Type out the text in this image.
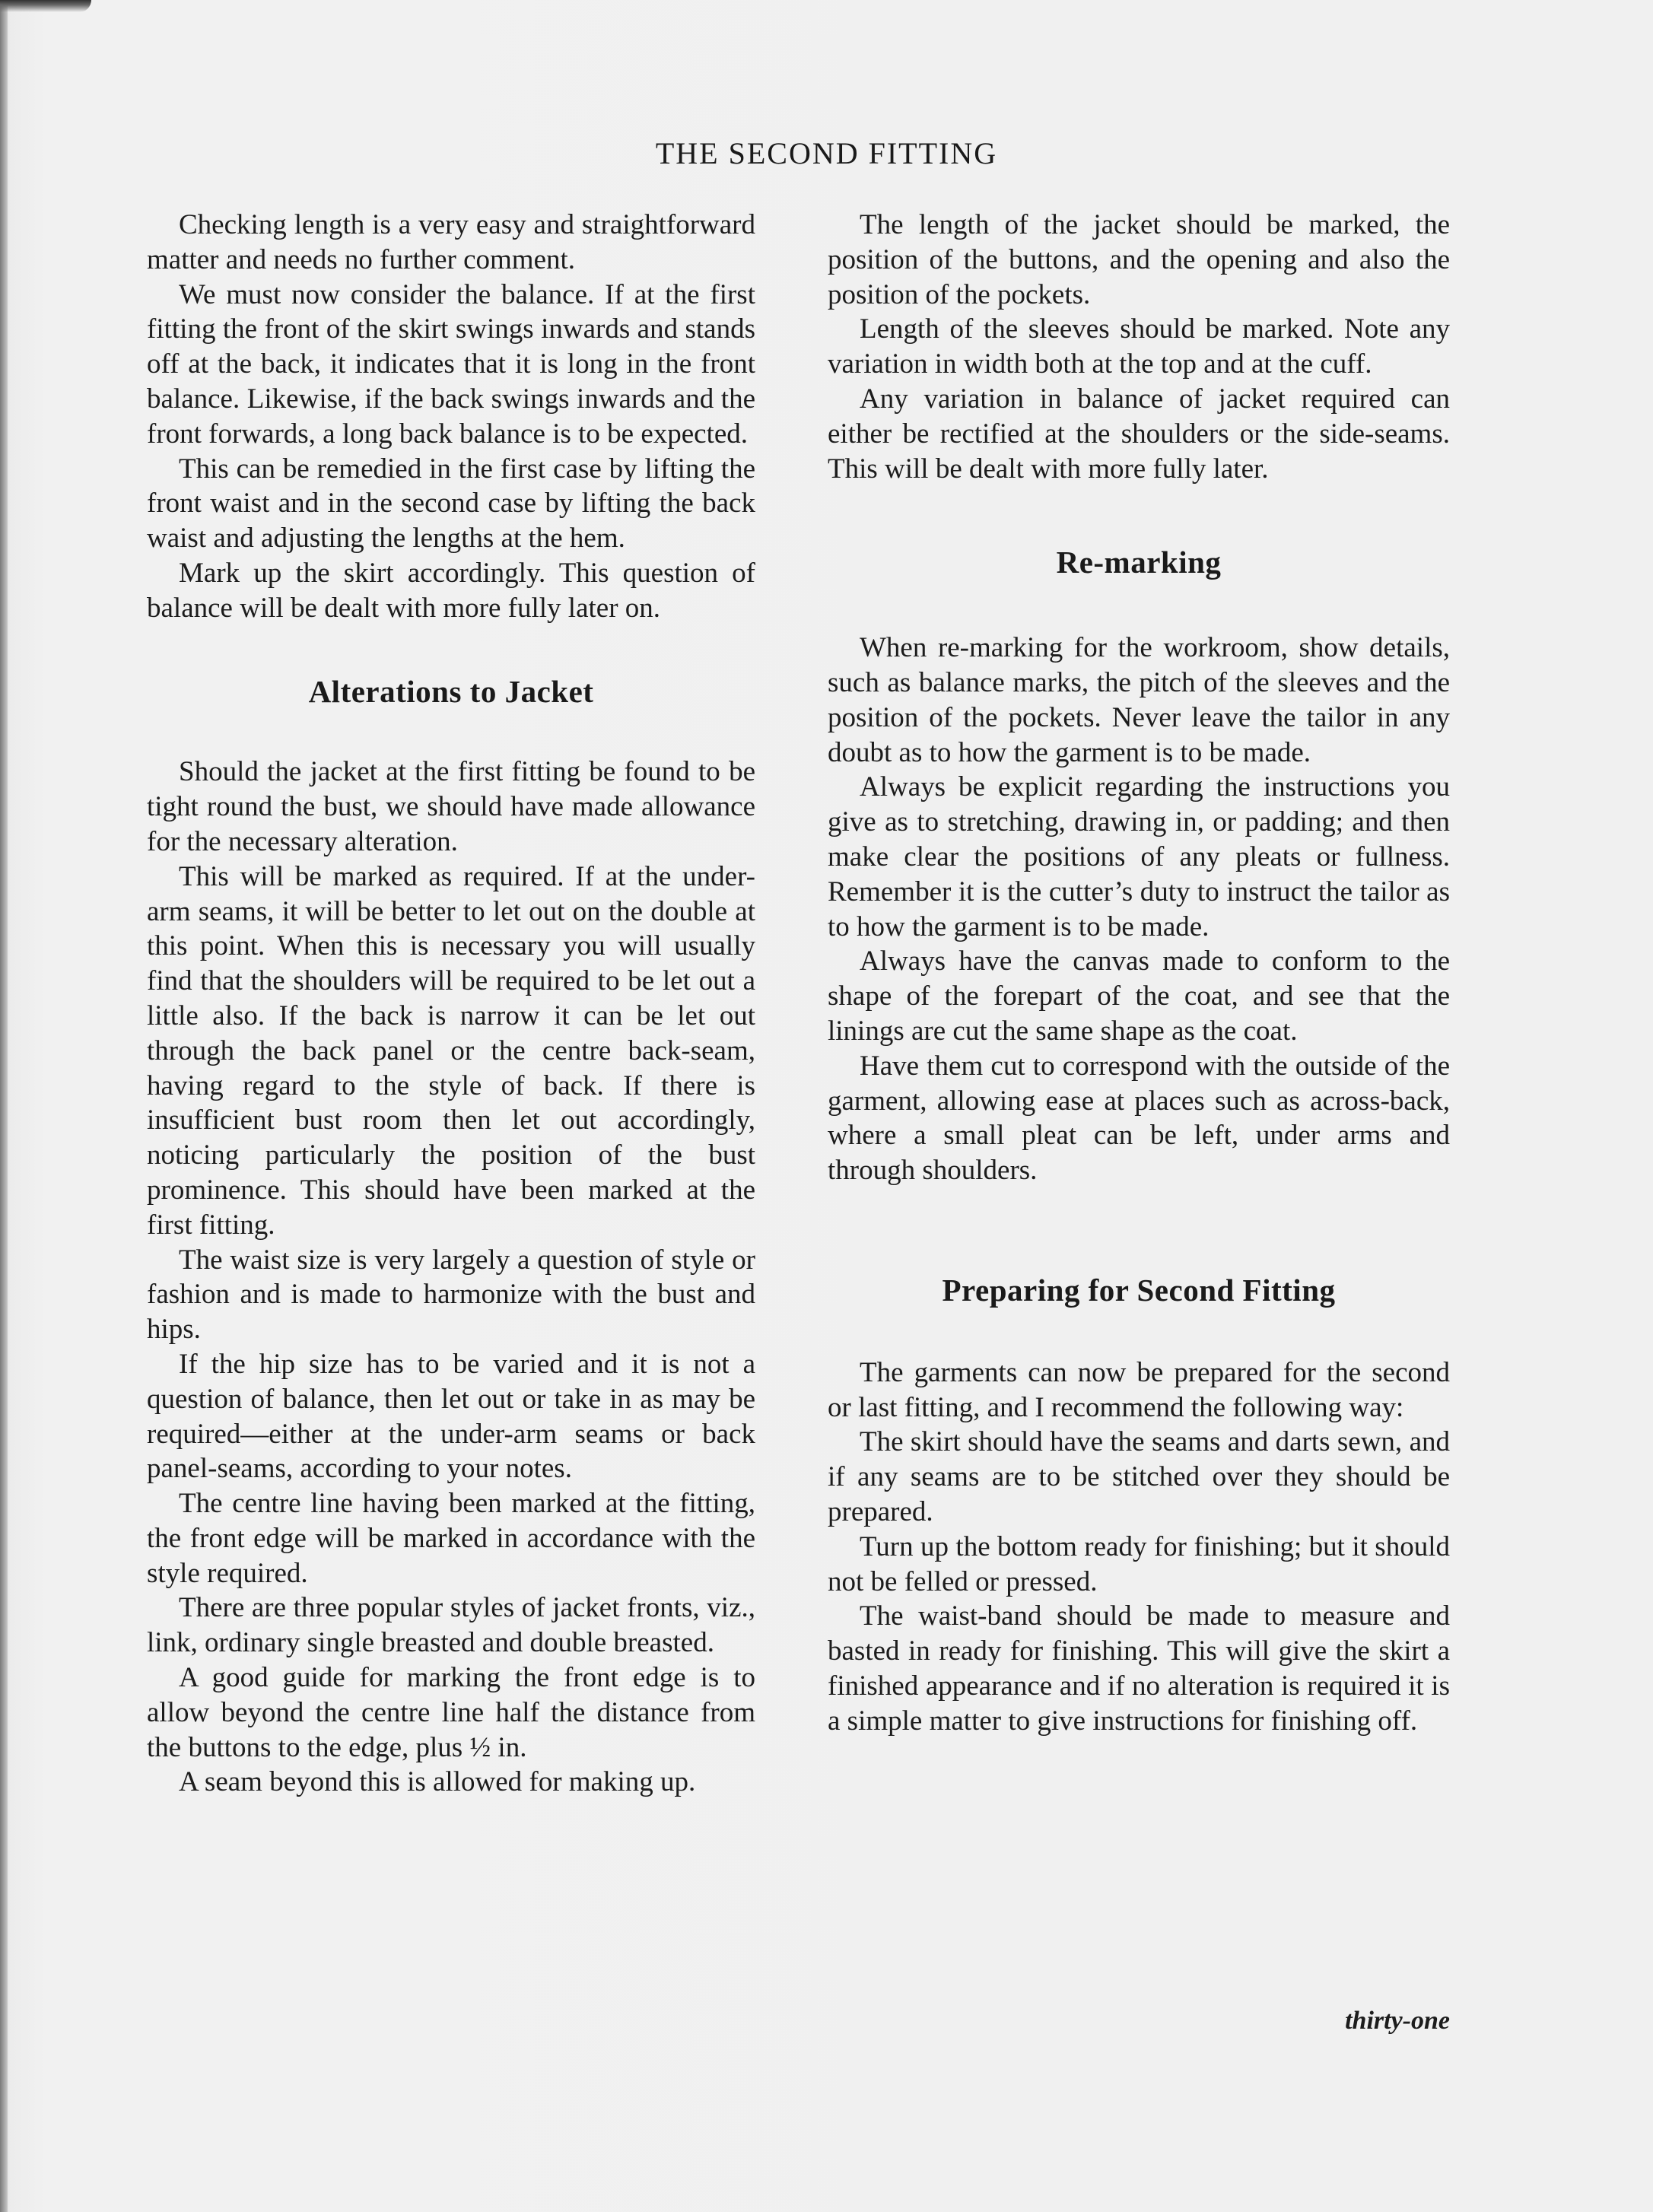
THE SECOND FITTING

Checking length is a very easy and straightforward matter and needs no further comment.

We must now consider the balance. If at the first fitting the front of the skirt swings inwards and stands off at the back, it indicates that it is long in the front balance. Likewise, if the back swings inwards and the front forwards, a long back balance is to be expected.

This can be remedied in the first case by lifting the front waist and in the second case by lifting the back waist and adjusting the lengths at the hem.

Mark up the skirt accordingly. This question of balance will be dealt with more fully later on.

Alterations to Jacket

Should the jacket at the first fitting be found to be tight round the bust, we should have made allowance for the necessary alteration.

This will be marked as required. If at the under-arm seams, it will be better to let out on the double at this point. When this is necessary you will usually find that the shoulders will be required to be let out a little also. If the back is narrow it can be let out through the back panel or the centre back-seam, having regard to the style of back. If there is insufficient bust room then let out accordingly, noticing particularly the position of the bust prominence. This should have been marked at the first fitting.

The waist size is very largely a question of style or fashion and is made to harmonize with the bust and hips.

If the hip size has to be varied and it is not a question of balance, then let out or take in as may be required—either at the under-arm seams or back panel-seams, according to your notes.

The centre line having been marked at the fitting, the front edge will be marked in accordance with the style required.

There are three popular styles of jacket fronts, viz., link, ordinary single breasted and double breasted.

A good guide for marking the front edge is to allow beyond the centre line half the distance from the buttons to the edge, plus ½ in.

A seam beyond this is allowed for making up.

The length of the jacket should be marked, the position of the buttons, and the opening and also the position of the pockets.

Length of the sleeves should be marked. Note any variation in width both at the top and at the cuff.

Any variation in balance of jacket required can either be rectified at the shoulders or the side-seams. This will be dealt with more fully later.

Re-marking

When re-marking for the workroom, show details, such as balance marks, the pitch of the sleeves and the position of the pockets. Never leave the tailor in any doubt as to how the garment is to be made.

Always be explicit regarding the instructions you give as to stretching, drawing in, or padding; and then make clear the positions of any pleats or fullness. Remember it is the cutter’s duty to instruct the tailor as to how the garment is to be made.

Always have the canvas made to conform to the shape of the forepart of the coat, and see that the linings are cut the same shape as the coat.

Have them cut to correspond with the outside of the garment, allowing ease at places such as across-back, where a small pleat can be left, under arms and through shoulders.

Preparing for Second Fitting

The garments can now be prepared for the second or last fitting, and I recommend the following way:

The skirt should have the seams and darts sewn, and if any seams are to be stitched over they should be prepared.

Turn up the bottom ready for finishing; but it should not be felled or pressed.

The waist-band should be made to measure and basted in ready for finishing. This will give the skirt a finished appearance and if no alteration is required it is a simple matter to give instructions for finishing off.

thirty-one
